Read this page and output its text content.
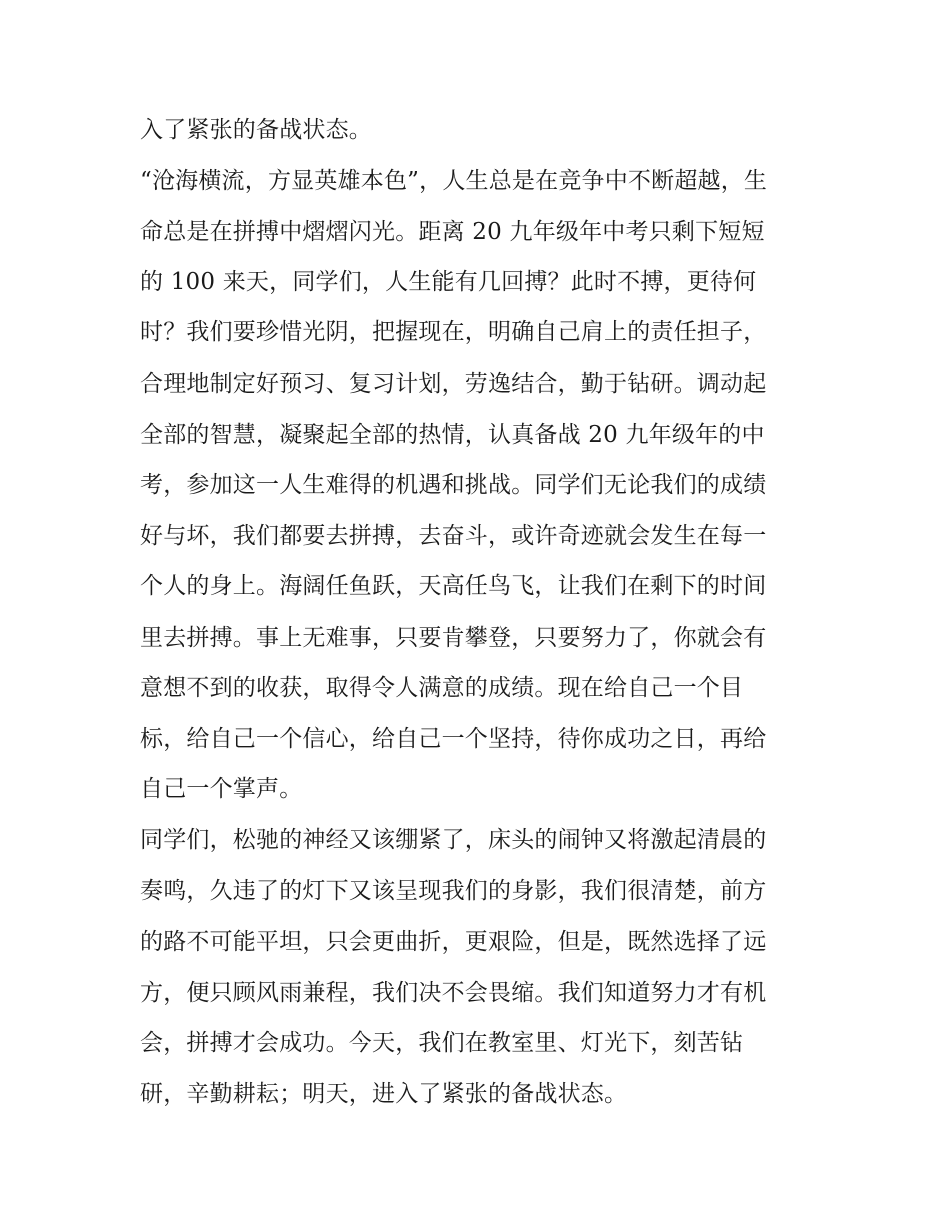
入了紧张的备战状态。
“沧海横流，方显英雄本色”，人生总是在竞争中不断超越，生
命总是在拼搏中熠熠闪光。距离 20 九年级年中考只剩下短短
的 100 来天，同学们，人生能有几回搏？此时不搏，更待何
时？我们要珍惜光阴，把握现在，明确自己肩上的责任担子，
合理地制定好预习、复习计划，劳逸结合，勤于钻研。调动起
全部的智慧，凝聚起全部的热情，认真备战 20 九年级年的中
考，参加这一人生难得的机遇和挑战。同学们无论我们的成绩
好与坏，我们都要去拼搏，去奋斗，或许奇迹就会发生在每一
个人的身上。海阔任鱼跃，天高任鸟飞，让我们在剩下的时间
里去拼搏。事上无难事，只要肯攀登，只要努力了，你就会有
意想不到的收获，取得令人满意的成绩。现在给自己一个目
标，给自己一个信心，给自己一个坚持，待你成功之日，再给
自己一个掌声。
同学们，松驰的神经又该绷紧了，床头的闹钟又将激起清晨的
奏鸣，久违了的灯下又该呈现我们的身影，我们很清楚，前方
的路不可能平坦，只会更曲折，更艰险，但是，既然选择了远
方，便只顾风雨兼程，我们决不会畏缩。我们知道努力才有机
会，拼搏才会成功。今天，我们在教室里、灯光下，刻苦钻
研，辛勤耕耘；明天，进入了紧张的备战状态。
